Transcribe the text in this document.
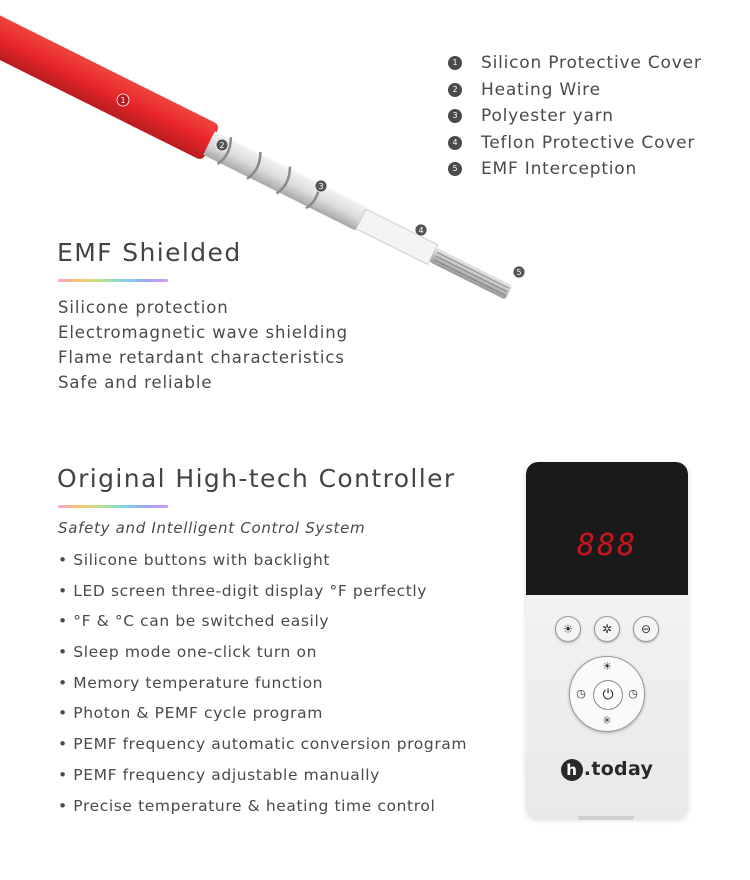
1
2
3
4
5
1 Silicon Protective Cover
2 Heating Wire
3 Polyester yarn
4 Teflon Protective Cover
5 EMF Interception
EMF Shielded
Silicone protection
Electromagnetic wave shielding
Flame retardant characteristics
Safe and reliable
Original High-tech Controller
Safety and Intelligent Control System
• Silicone buttons with backlight
• LED screen three-digit display °F perfectly
• °F & °C can be switched easily
• Sleep mode one-click turn on
• Memory temperature function
• Photon & PEMF cycle program
• PEMF frequency automatic conversion program
• PEMF frequency adjustable manually
• Precise temperature & heating time control
888
☀	✲	⊖
☀
✳
◷	◷
⏻
h .today
